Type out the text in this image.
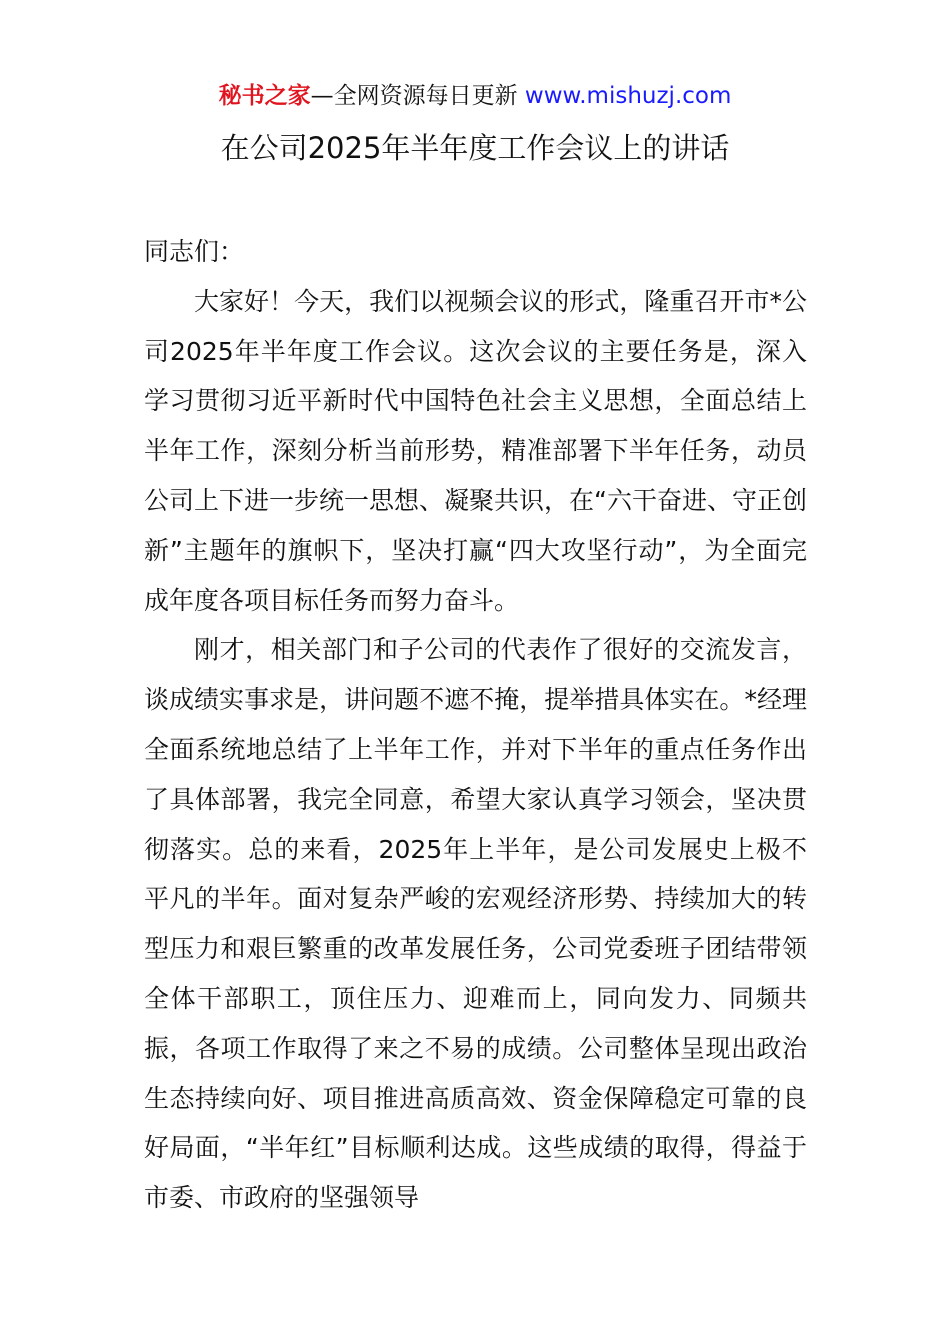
秘书之家—全网资源每日更新 www.mishuzj.com
在公司2025年半年度工作会议上的讲话

同志们：

大家好！今天，我们以视频会议的形式，隆重召开市*公司2025年半年度工作会议。这次会议的主要任务是，深入学习贯彻习近平新时代中国特色社会主义思想，全面总结上半年工作，深刻分析当前形势，精准部署下半年任务，动员公司上下进一步统一思想、凝聚共识，在“六干奋进、守正创新”主题年的旗帜下，坚决打赢“四大攻坚行动”，为全面完成年度各项目标任务而努力奋斗。

刚才，相关部门和子公司的代表作了很好的交流发言，谈成绩实事求是，讲问题不遮不掩，提举措具体实在。*经理全面系统地总结了上半年工作，并对下半年的重点任务作出了具体部署，我完全同意，希望大家认真学习领会，坚决贯彻落实。总的来看，2025年上半年，是公司发展史上极不平凡的半年。面对复杂严峻的宏观经济形势、持续加大的转型压力和艰巨繁重的改革发展任务，公司党委班子团结带领全体干部职工，顶住压力、迎难而上，同向发力、同频共振，各项工作取得了来之不易的成绩。公司整体呈现出政治生态持续向好、项目推进高质高效、资金保障稳定可靠的良好局面，“半年红”目标顺利达成。这些成绩的取得，得益于市委、市政府的坚强领导
